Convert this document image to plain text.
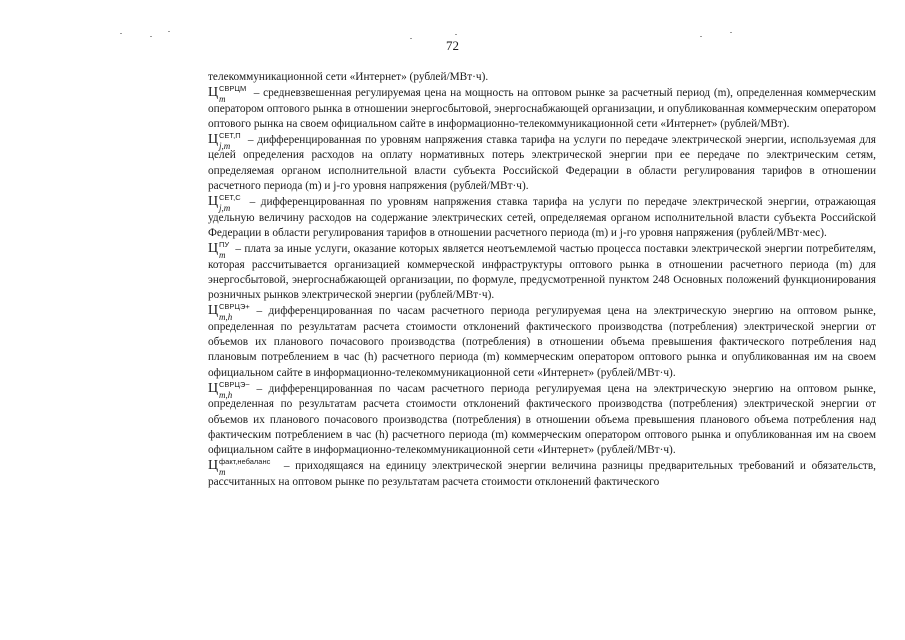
72

телекоммуникационной сети «Интернет» (рублей/МВт·ч).

Ц СВРЦМ
m – средневзвешенная регулируемая цена на мощность на оптовом рынке за расчетный период (m), определенная коммерческим оператором оптового рынка в отношении энергосбытовой, энергоснабжающей организации, и опубликованная коммерческим оператором оптового рынка на своем официальном сайте в информационно-телекоммуникационной сети «Интернет» (рублей/МВт).

Ц СЕТ,П
j,m – дифференцированная по уровням напряжения ставка тарифа на услуги по передаче электрической энергии, используемая для целей определения расходов на оплату нормативных потерь электрической энергии при ее передаче по электрическим сетям, определяемая органом исполнительной власти субъекта Российской Федерации в области регулирования тарифов в отношении расчетного периода (m) и j-го уровня напряжения (рублей/МВт·ч).

Ц СЕТ,С
j,m – дифференцированная по уровням напряжения ставка тарифа на услуги по передаче электрической энергии, отражающая удельную величину расходов на содержание электрических сетей, определяемая органом исполнительной власти субъекта Российской Федерации в области регулирования тарифов в отношении расчетного периода (m) и j-го уровня напряжения (рублей/МВт·мес).

Ц ПУ
m – плата за иные услуги, оказание которых является неотъемлемой частью процесса поставки электрической энергии потребителям, которая рассчитывается организацией коммерческой инфраструктуры оптового рынка в отношении расчетного периода (m) для энергосбытовой, энергоснабжающей организации, по формуле, предусмотренной пунктом 248 Основных положений функционирования розничных рынков электрической энергии (рублей/МВт·ч).

Ц СВРЦЭ+
m,h – дифференцированная по часам расчетного периода регулируемая цена на электрическую энергию на оптовом рынке, определенная по результатам расчета стоимости отклонений фактического производства (потребления) электрической энергии от объемов их планового почасового производства (потребления) в отношении объема превышения фактического потребления над плановым потреблением в час (h) расчетного периода (m) коммерческим оператором оптового рынка и опубликованная им на своем официальном сайте в информационно-телекоммуникационной сети «Интернет» (рублей/МВт·ч).

Ц СВРЦЭ−
m,h – дифференцированная по часам расчетного периода регулируемая цена на электрическую энергию на оптовом рынке, определенная по результатам расчета стоимости отклонений фактического производства (потребления) электрической энергии от объемов их планового почасового производства (потребления) в отношении объема превышения планового объема потребления над фактическим потреблением в час (h) расчетного периода (m) коммерческим оператором оптового рынка и опубликованная им на своем официальном сайте в информационно-телекоммуникационной сети «Интернет» (рублей/МВт·ч).

Ц факт,небаланс
m	– приходящаяся на единицу электрической энергии величина разницы предварительных требований и обязательств, рассчитанных на оптовом рынке по результатам расчета стоимости отклонений фактического
